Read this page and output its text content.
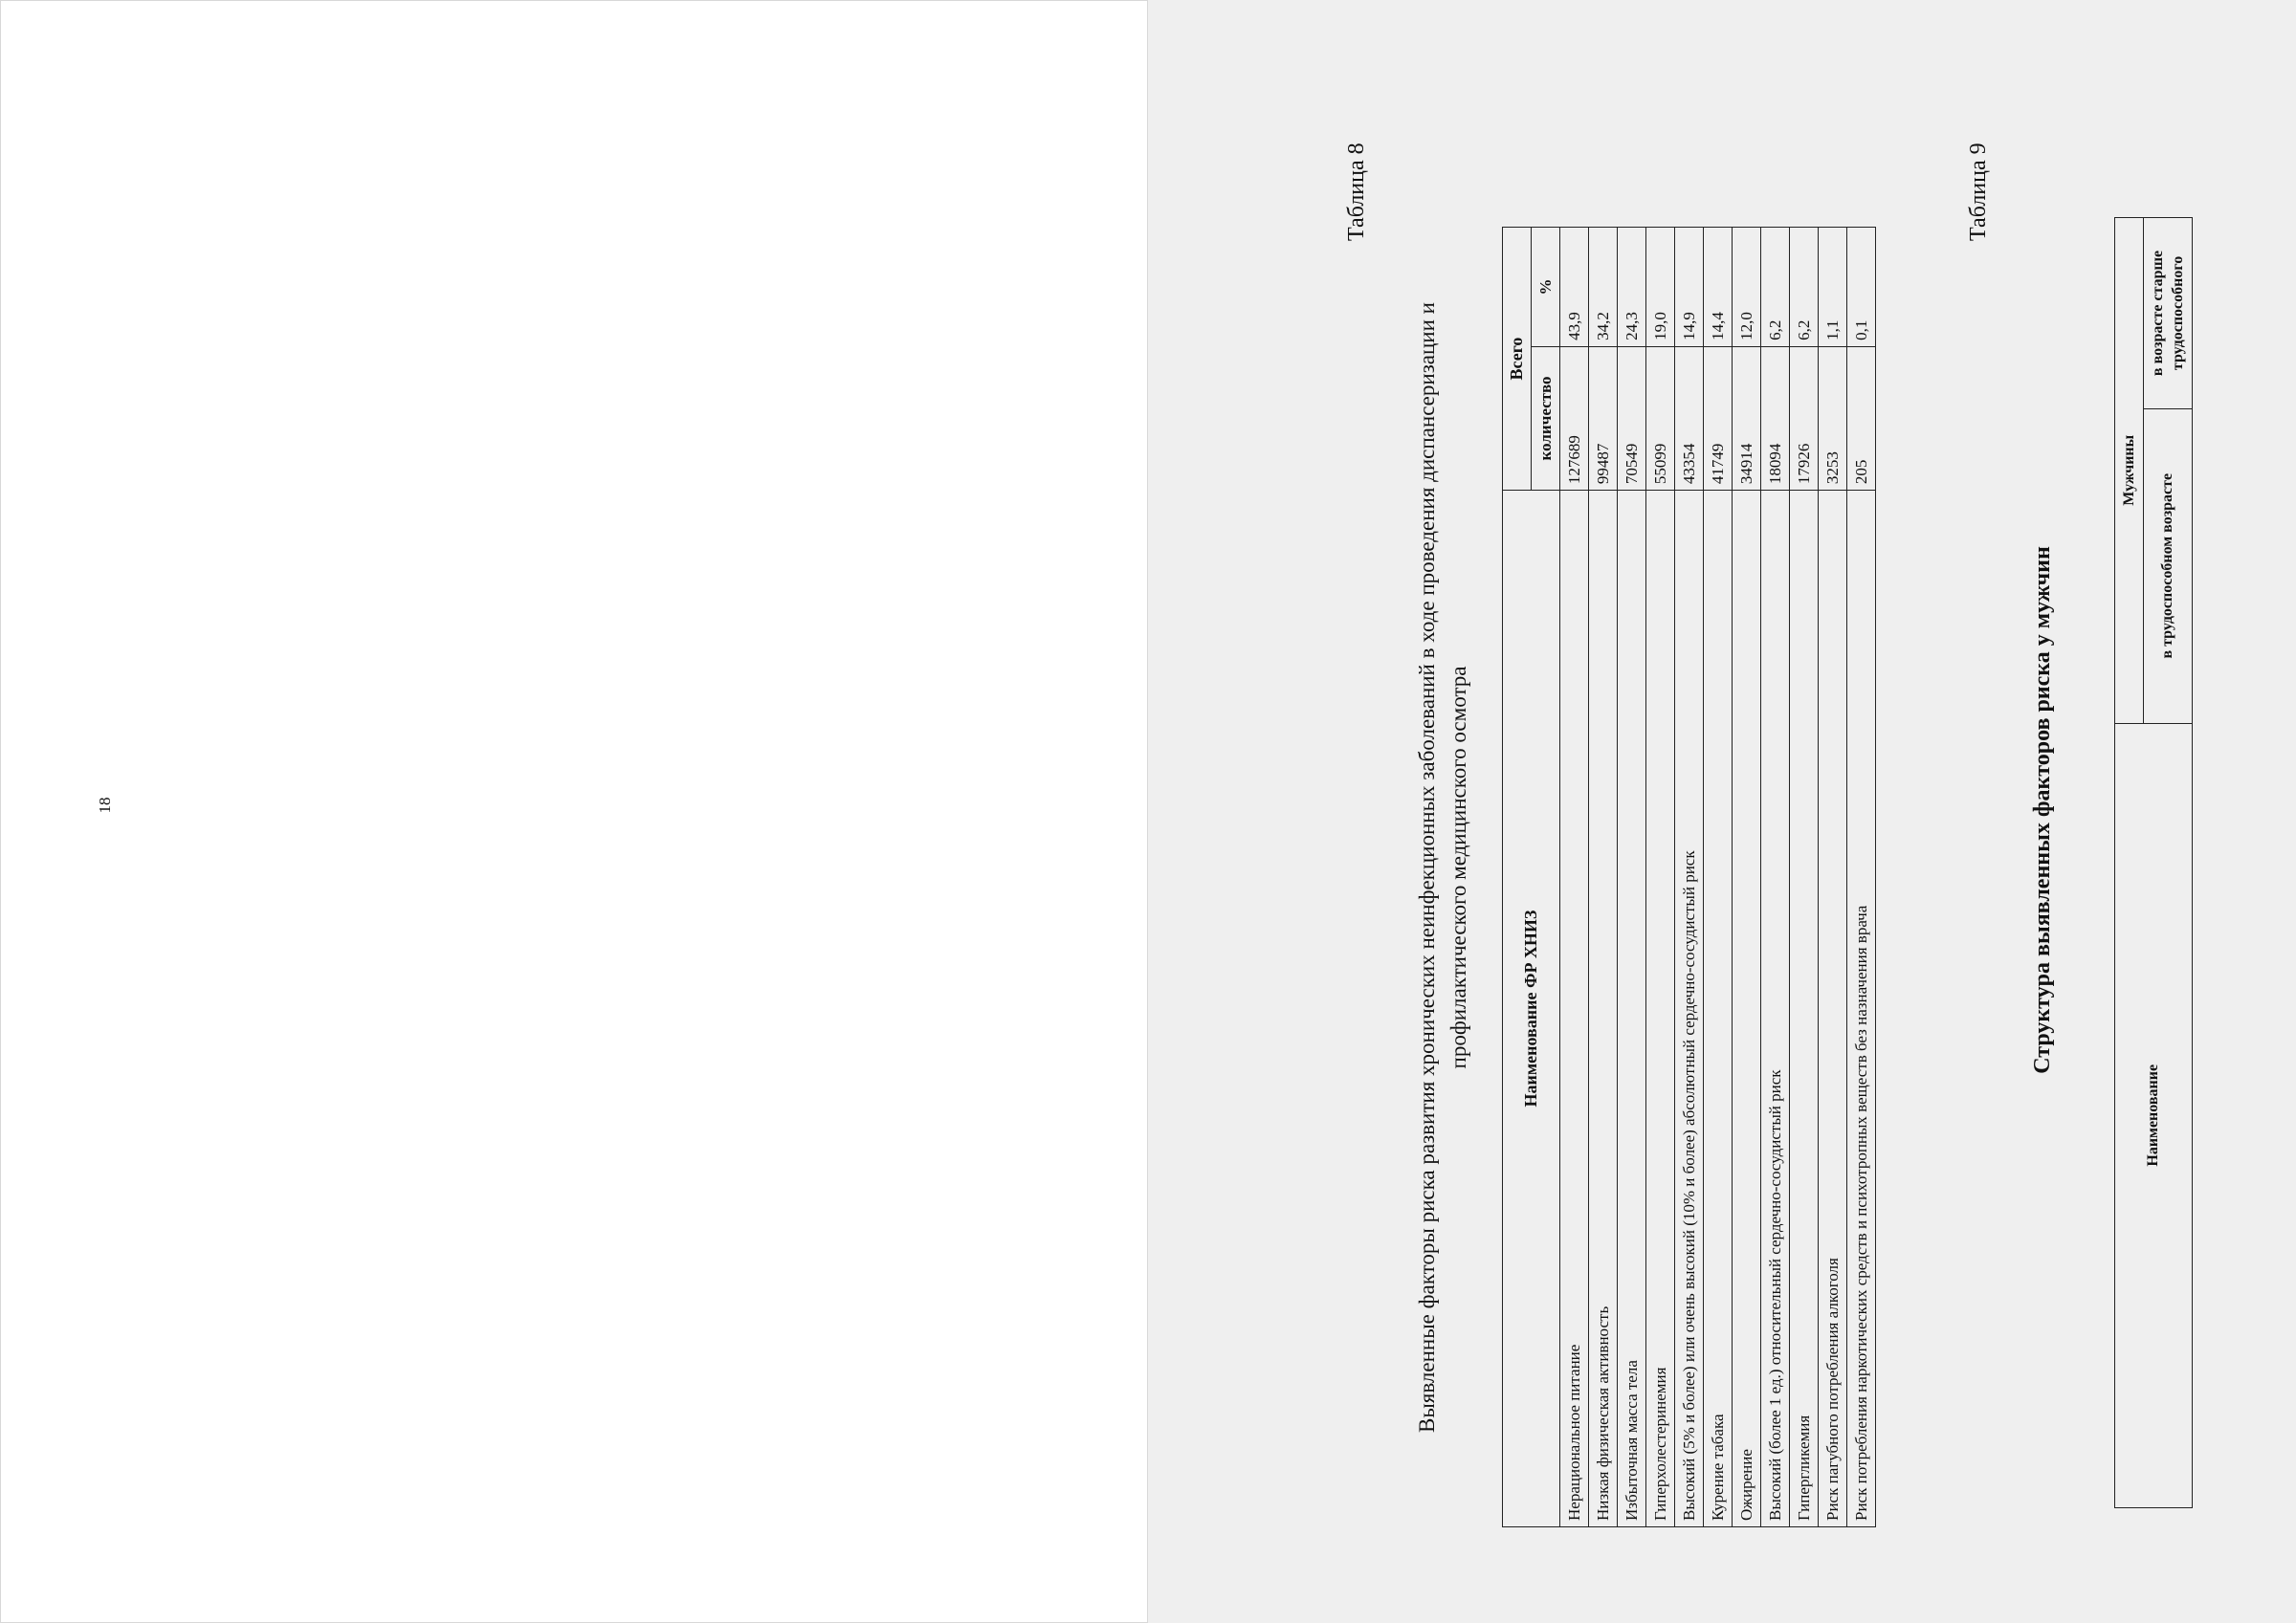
18
Таблица 8
Выявленные факторы риска развития хронических неинфекционных заболеваний в ходе проведения диспансеризации и профилактического медицинского осмотра	Наименование ФР ХНИЗ	Всего	
	количество	%
Нерациональное питание	127689	43,9
Низкая физическая активность	99487	34,2
Избыточная масса тела	70549	24,3
Гиперхолестеринемия	55099	19,0
Высокий (5% и более) или очень высокий (10% и более) абсолютный сердечно-сосудистый риск	43354	14,9
Курение табака	41749	14,4
Ожирение	34914	12,0
Высокий (более 1 ед.) относительный сердечно-сосудистый риск	18094	6,2
Гипергликемия	17926	6,2
Риск пагубного потребления алкоголя	3253	1,1
Риск потребления наркотических средств и психотропных веществ без назначения врача	205	0,1
Таблица 9
Структура выявленных факторов риска у мужчин
Наименование	Мужчины	
	в трудоспособном возрасте	в возрасте старше трудоспособного
